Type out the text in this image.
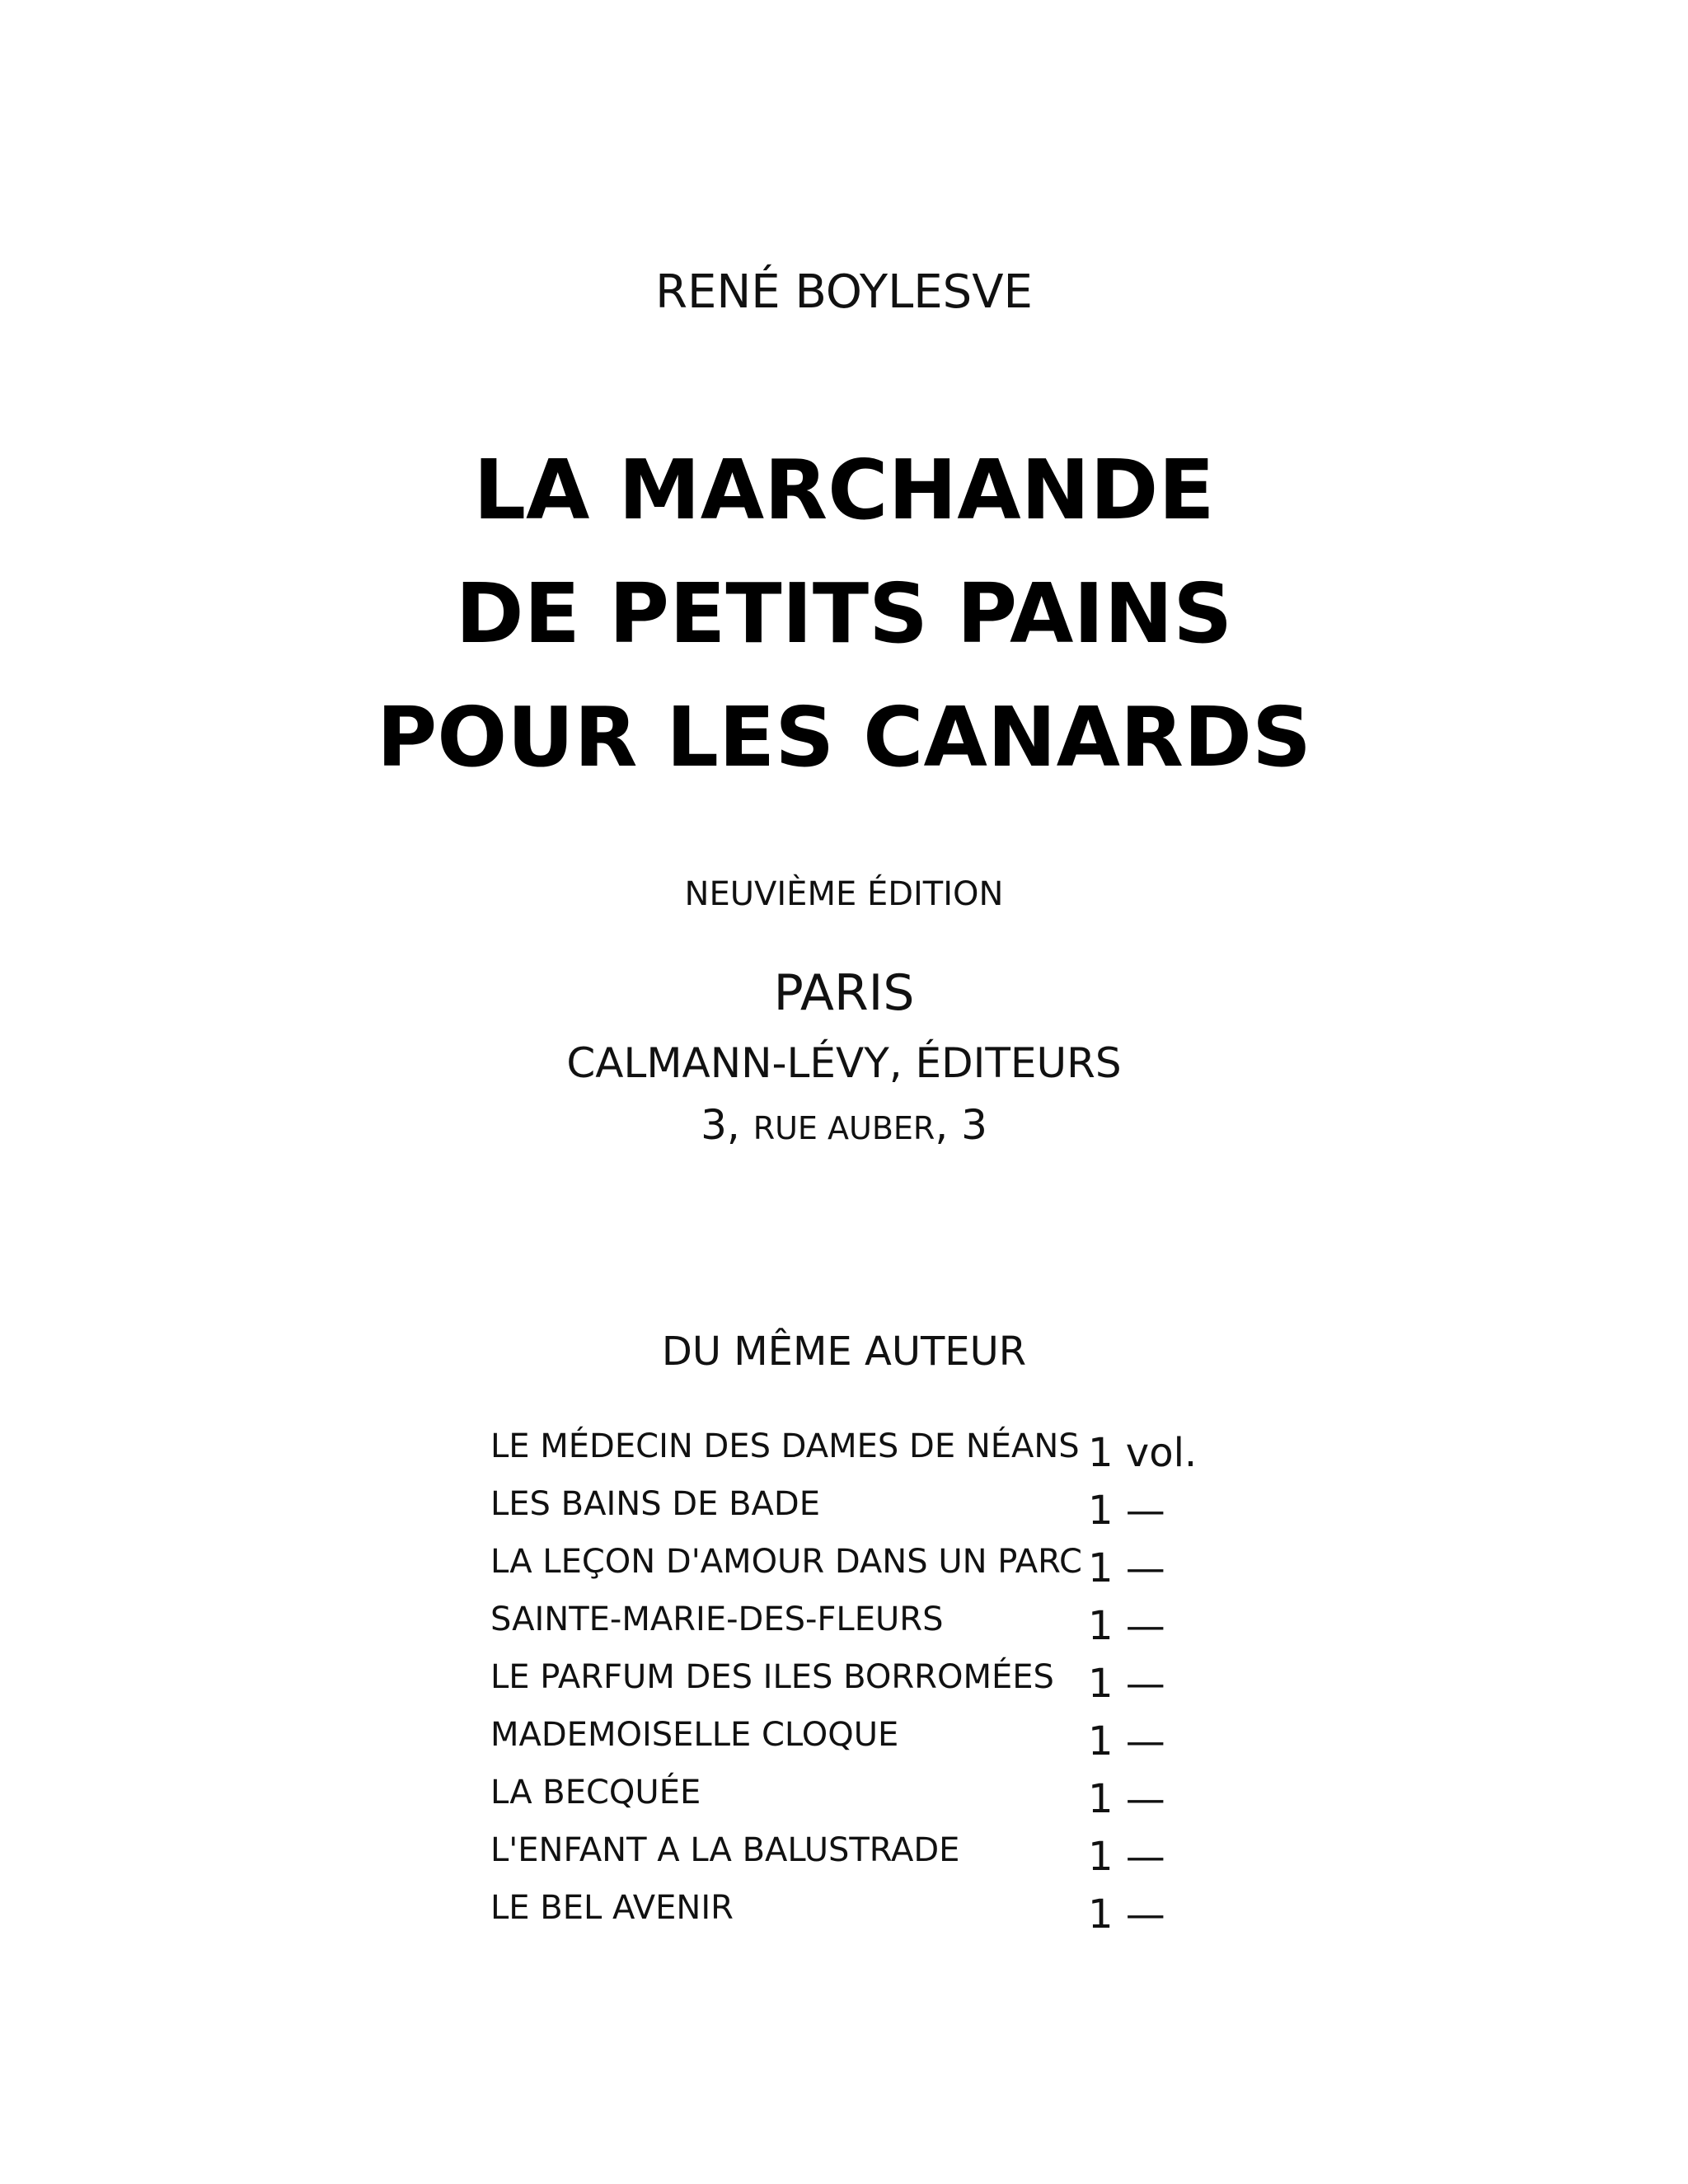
RENÉ BOYLESVE
LA MARCHANDE
DE PETITS PAINS
POUR LES CANARDS
NEUVIÈME ÉDITION
PARIS
CALMANN-LÉVY, ÉDITEURS
3, RUE AUBER, 3
DU MÊME AUTEUR
LE MÉDECIN DES DAMES DE NÉANS 1 vol.
LES BAINS DE BADE	1 —
LA LEÇON D'AMOUR DANS UN PARC 1 —
SAINTE-MARIE-DES-FLEURS	1 —
LE PARFUM DES ILES BORROMÉES 1 —
MADEMOISELLE CLOQUE	1 —
LA BECQUÉE	1 —
L'ENFANT A LA BALUSTRADE	1 —
LE BEL AVENIR	1 —
